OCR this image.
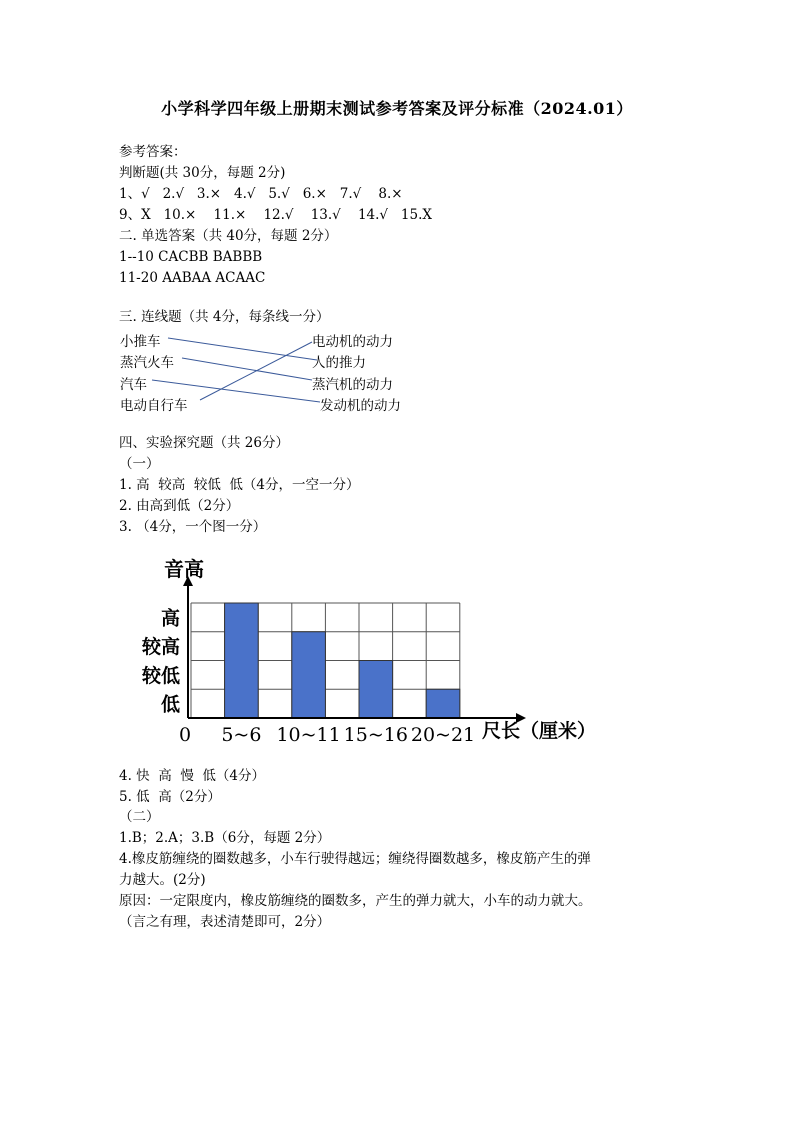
小学科学四年级上册期末测试参考答案及评分标准（2024.01）
参考答案：
判断题(共 30分，每题 2分)
1、√   2.√   3.×   4.√   5.√   6.×   7.√    8.×
9、X   10.×    11.×    12.√    13.√    14.√   15.X
二. 单选答案（共 40分，每题 2分）
1--10 CACBB BABBB
11-20 AABAA ACAAC
三. 连线题（共 4分，每条线一分）
小推车
蒸汽火车
汽车
电动自行车
电动机的动力
人的推力
蒸汽机的动力
发动机的动力
四、实验探究题（共 26分）
（一）
1. 高  较高  较低  低（4分，一空一分）
2. 由高到低（2分）
3. （4分，一个图一分）
低
较低
较高
高
音高
0 5~6 10~11 15~16 20~21 尺长（厘米）
4. 快  高  慢  低（4分）
5. 低  高（2分）
（二）
1.B；2.A；3.B（6分，每题 2分）
4.橡皮筋缠绕的圈数越多，小车行驶得越远；缠绕得圈数越多，橡皮筋产生的弹
力越大。(2分)
原因：一定限度内，橡皮筋缠绕的圈数多，产生的弹力就大，小车的动力就大。
（言之有理，表述清楚即可，2分）
